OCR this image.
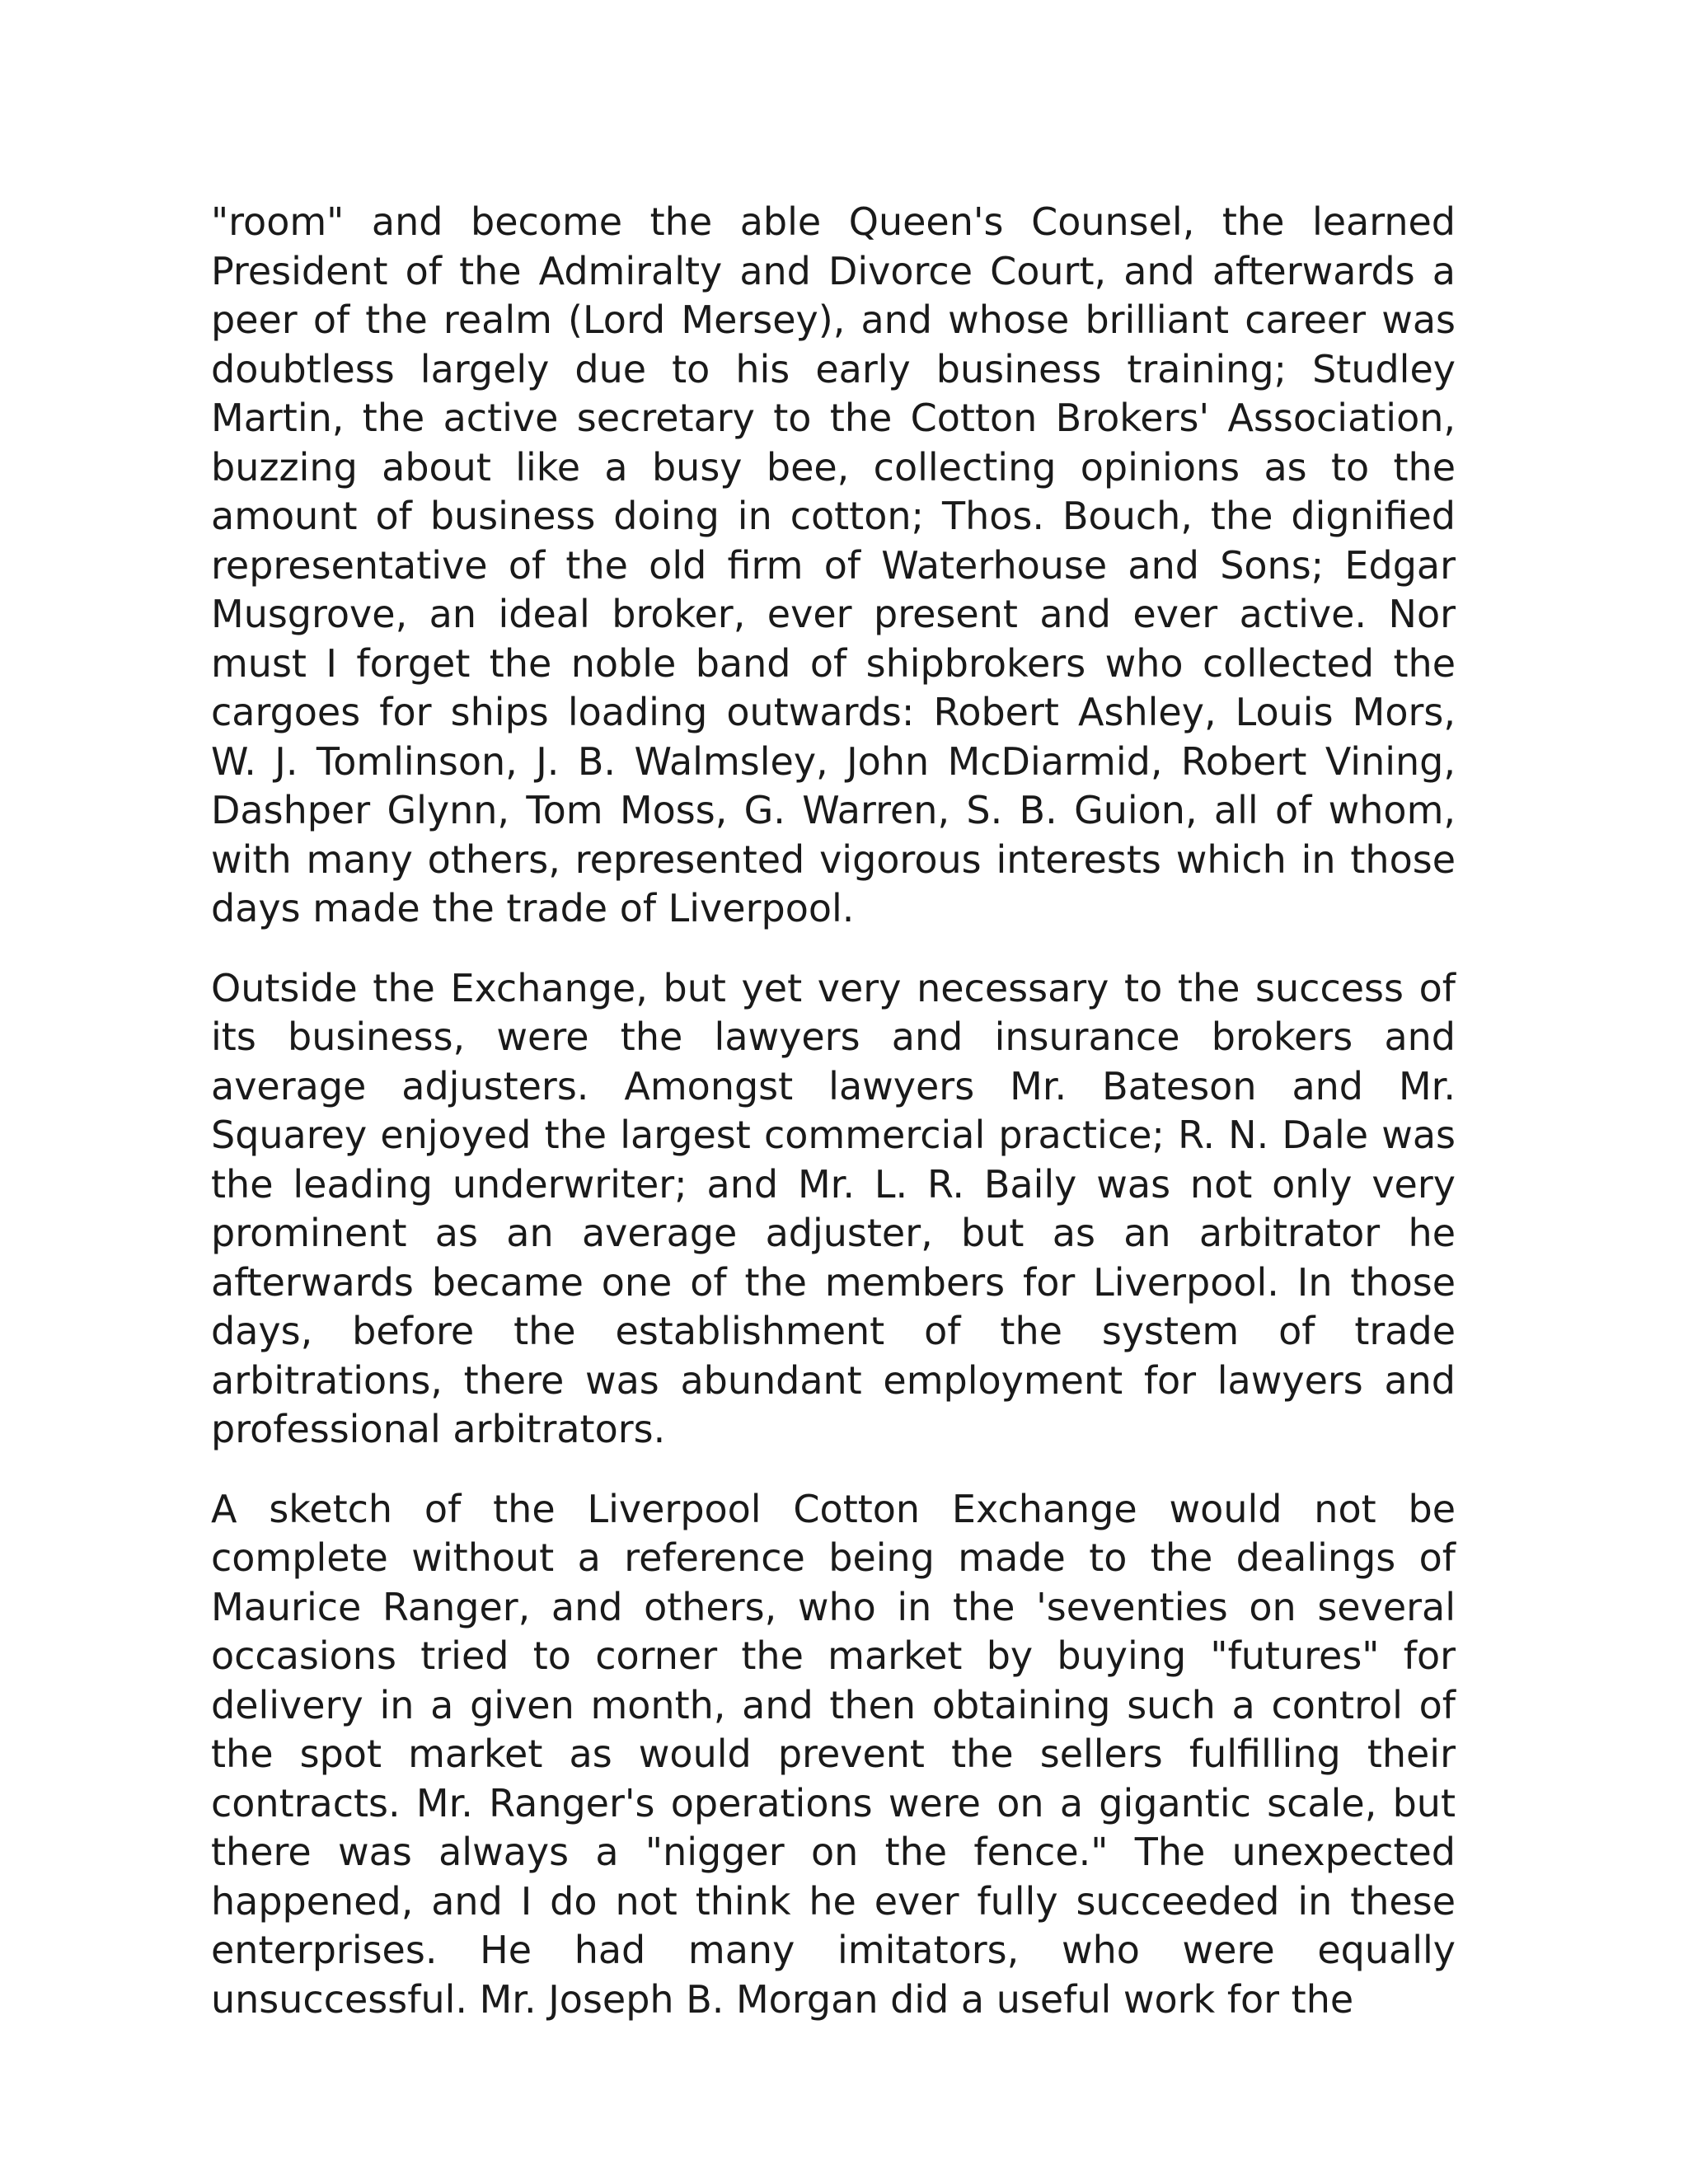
"room" and become the able Queen's Counsel, the learned President of the Admiralty and Divorce Court, and afterwards a peer of the realm (Lord Mersey), and whose brilliant career was doubtless largely due to his early business training; Studley Martin, the active secretary to the Cotton Brokers' Association, buzzing about like a busy bee, collecting opinions as to the amount of business doing in cotton; Thos. Bouch, the dignified representative of the old firm of Waterhouse and Sons; Edgar Musgrove, an ideal broker, ever present and ever active. Nor must I forget the noble band of shipbrokers who collected the cargoes for ships loading outwards: Robert Ashley, Louis Mors, W. J. Tomlinson, J. B. Walmsley, John McDiarmid, Robert Vining, Dashper Glynn, Tom Moss, G. Warren, S. B. Guion, all of whom, with many others, represented vigorous interests which in those days made the trade of Liverpool.

Outside the Exchange, but yet very necessary to the success of its business, were the lawyers and insurance brokers and average adjusters. Amongst lawyers Mr. Bateson and Mr. Squarey enjoyed the largest commercial practice; R. N. Dale was the leading underwriter; and Mr. L. R. Baily was not only very prominent as an average adjuster, but as an arbitrator he afterwards became one of the members for Liverpool. In those days, before the establishment of the system of trade arbitrations, there was abundant employment for lawyers and professional arbitrators.

A sketch of the Liverpool Cotton Exchange would not be complete without a reference being made to the dealings of Maurice Ranger, and others, who in the 'seventies on several occasions tried to corner the market by buying "futures" for delivery in a given month, and then obtaining such a control of the spot market as would prevent the sellers fulfilling their contracts. Mr. Ranger's operations were on a gigantic scale, but there was always a "nigger on the fence." The unexpected happened, and I do not think he ever fully succeeded in these enterprises. He had many imitators, who were equally unsuccessful. Mr. Joseph B. Morgan did a useful work for the
